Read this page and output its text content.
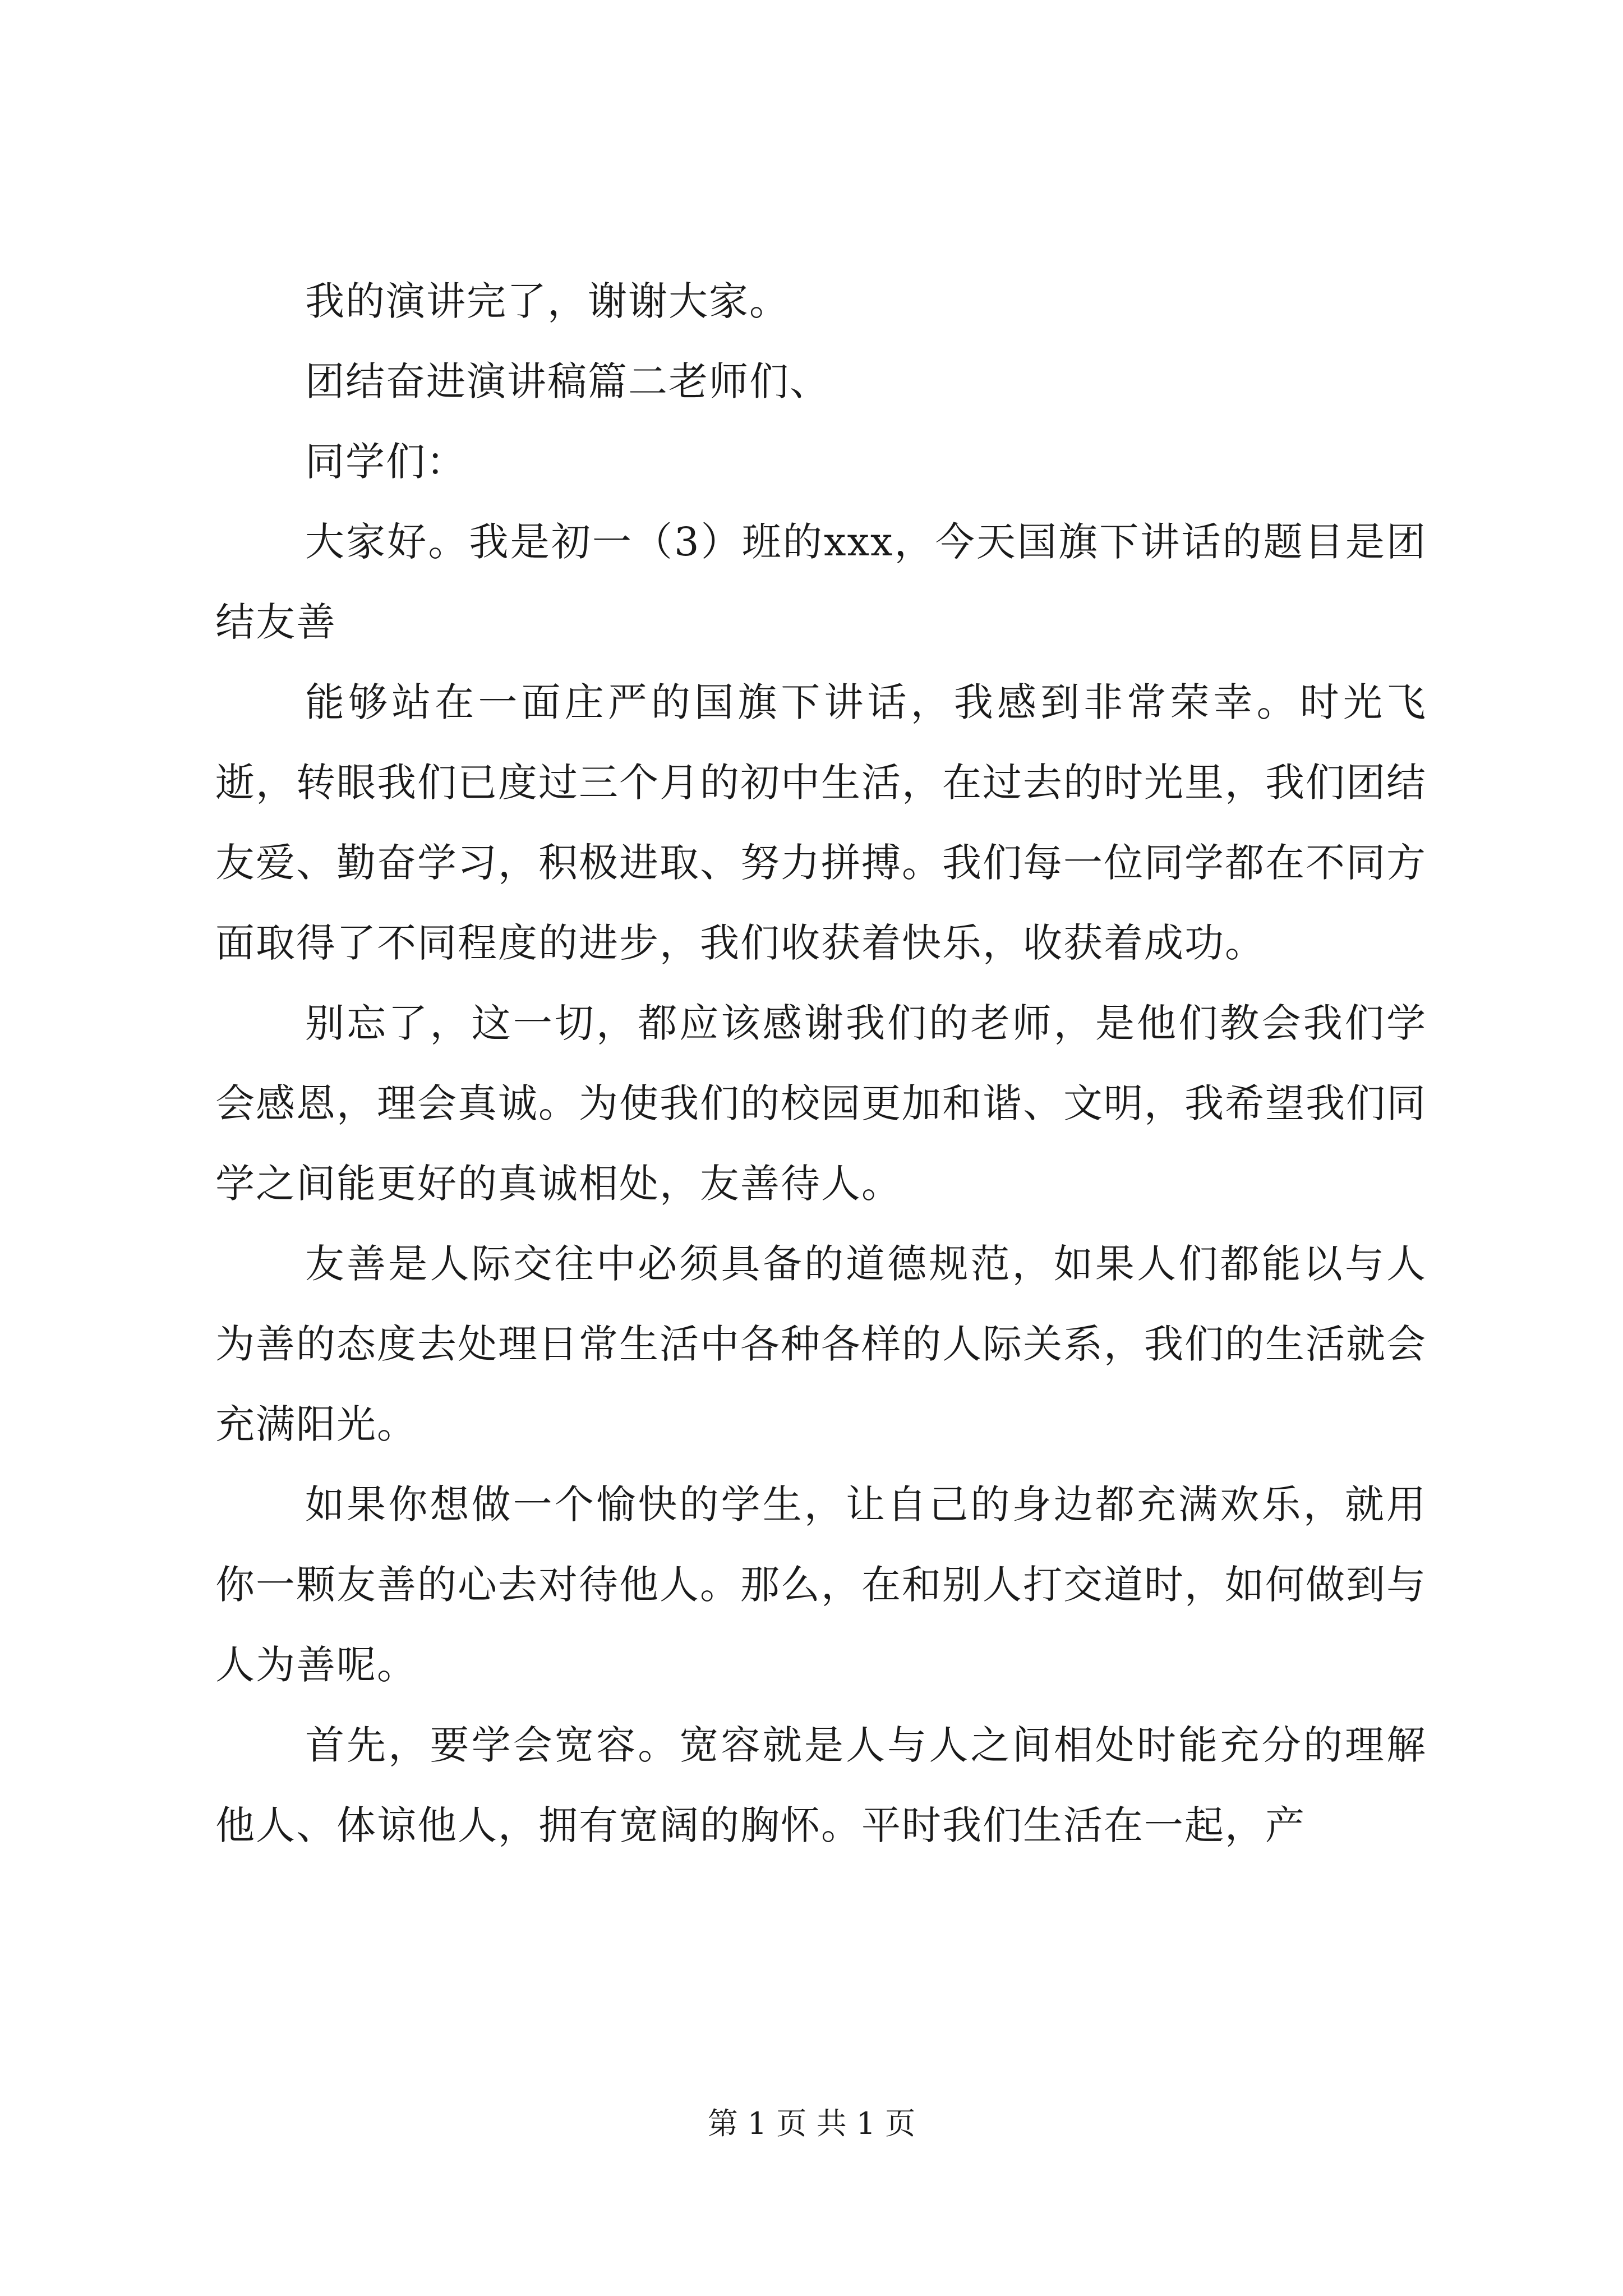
我的演讲完了，谢谢大家。

团结奋进演讲稿篇二老师们、

同学们：

大家好。我是初一（3）班的xxx，今天国旗下讲话的题目是团结友善

能够站在一面庄严的国旗下讲话，我感到非常荣幸。时光飞逝，转眼我们已度过三个月的初中生活，在过去的时光里，我们团结友爱、勤奋学习，积极进取、努力拼搏。我们每一位同学都在不同方面取得了不同程度的进步，我们收获着快乐，收获着成功。

别忘了，这一切，都应该感谢我们的老师，是他们教会我们学会感恩，理会真诚。为使我们的校园更加和谐、文明，我希望我们同学之间能更好的真诚相处，友善待人。

友善是人际交往中必须具备的道德规范，如果人们都能以与人为善的态度去处理日常生活中各种各样的人际关系，我们的生活就会充满阳光。

如果你想做一个愉快的学生，让自己的身边都充满欢乐，就用你一颗友善的心去对待他人。那么，在和别人打交道时，如何做到与人为善呢。

首先，要学会宽容。宽容就是人与人之间相处时能充分的理解他人、体谅他人，拥有宽阔的胸怀。平时我们生活在一起，产

第 1 页 共 1 页
